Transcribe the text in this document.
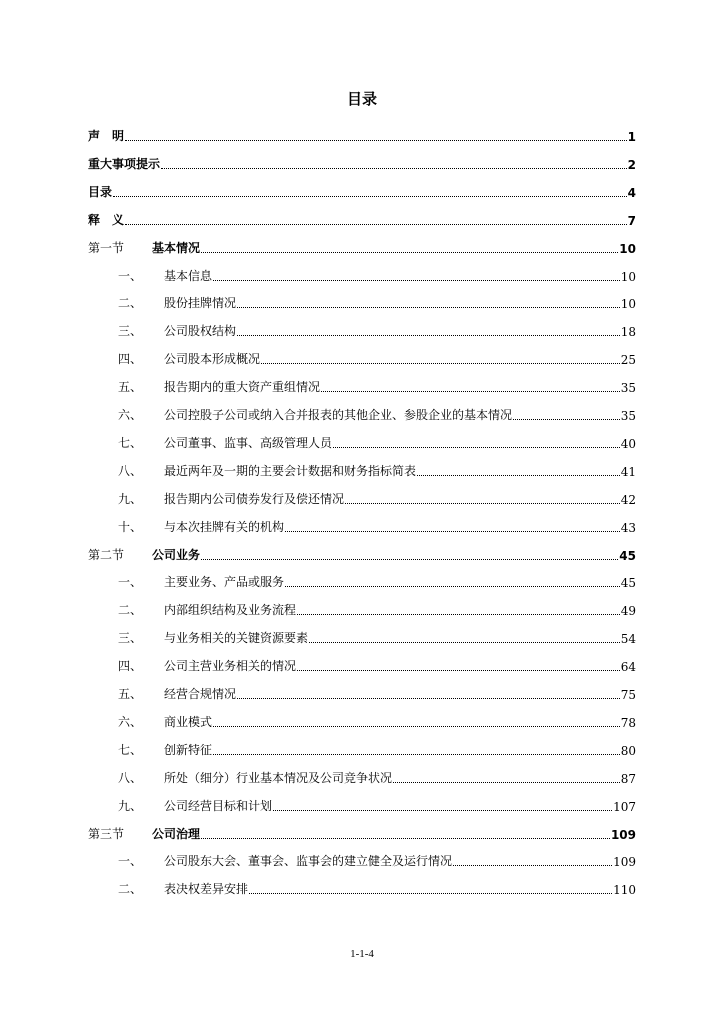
目录
声　明	1
重大事项提示	2
目录	4
释　义	7
第一节	基本情况	10
一、	基本信息	10
二、	股份挂牌情况	10
三、	公司股权结构	18
四、	公司股本形成概况	25
五、	报告期内的重大资产重组情况	35
六、	公司控股子公司或纳入合并报表的其他企业、参股企业的基本情况	35
七、	公司董事、监事、高级管理人员	40
八、	最近两年及一期的主要会计数据和财务指标简表	41
九、	报告期内公司债券发行及偿还情况	42
十、	与本次挂牌有关的机构	43
第二节	公司业务	45
一、	主要业务、产品或服务	45
二、	内部组织结构及业务流程	49
三、	与业务相关的关键资源要素	54
四、	公司主营业务相关的情况	64
五、	经营合规情况	75
六、	商业模式	78
七、	创新特征	80
八、	所处（细分）行业基本情况及公司竞争状况	87
九、	公司经营目标和计划	107
第三节	公司治理	109
一、	公司股东大会、董事会、监事会的建立健全及运行情况	109
二、	表决权差异安排	110
1-1-4
